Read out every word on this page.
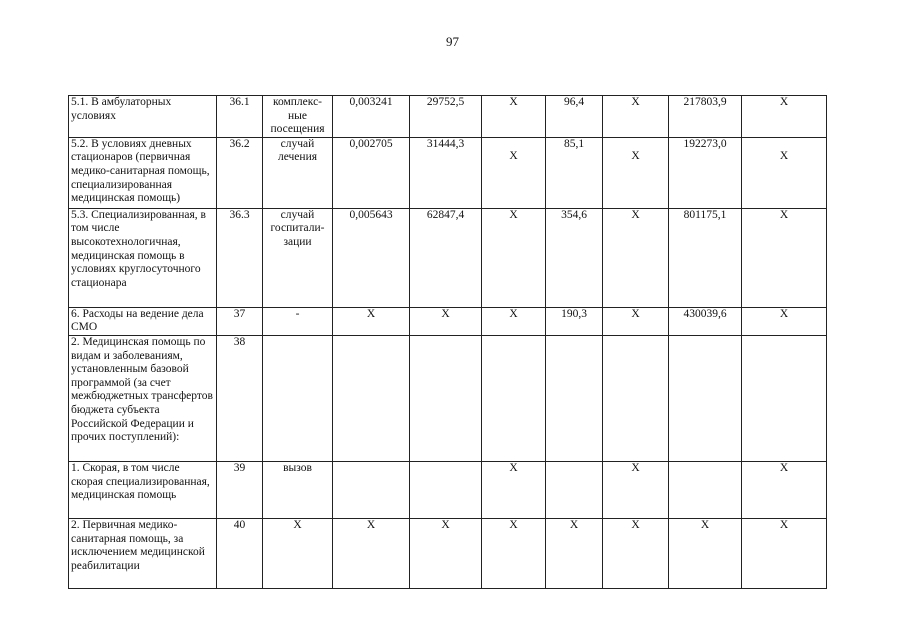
97
5.1. В амбулаторных условиях	36.1	комплекс-ные посещения	0,003241	29752,5	X	96,4	X	217803,9	X
5.2. В условиях дневных стационаров (первичная медико-санитарная помощь, специализированная медицинская помощь)	36.2	случай лечения	0,002705	31444,3	X	85,1	X	192273,0	X
5.3. Специализированная, в том числе высокотехнологичная, медицинская помощь в условиях круглосуточного стационара	36.3	случай госпитали-зации	0,005643	62847,4	X	354,6	X	801175,1	X
6. Расходы на ведение дела СМО	37	-	X	X	X	190,3	X	430039,6	X
2. Медицинская помощь по видам и заболеваниям, установленным базовой программой (за счет межбюджетных трансфертов бюджета субъекта Российской Федерации и прочих поступлений):	38								
1. Скорая, в том числе скорая специализированная, медицинская помощь	39	вызов			X		X		X
2. Первичная медико-санитарная помощь, за исключением медицинской реабилитации	40	X	X	X	X	X	X	X	X
